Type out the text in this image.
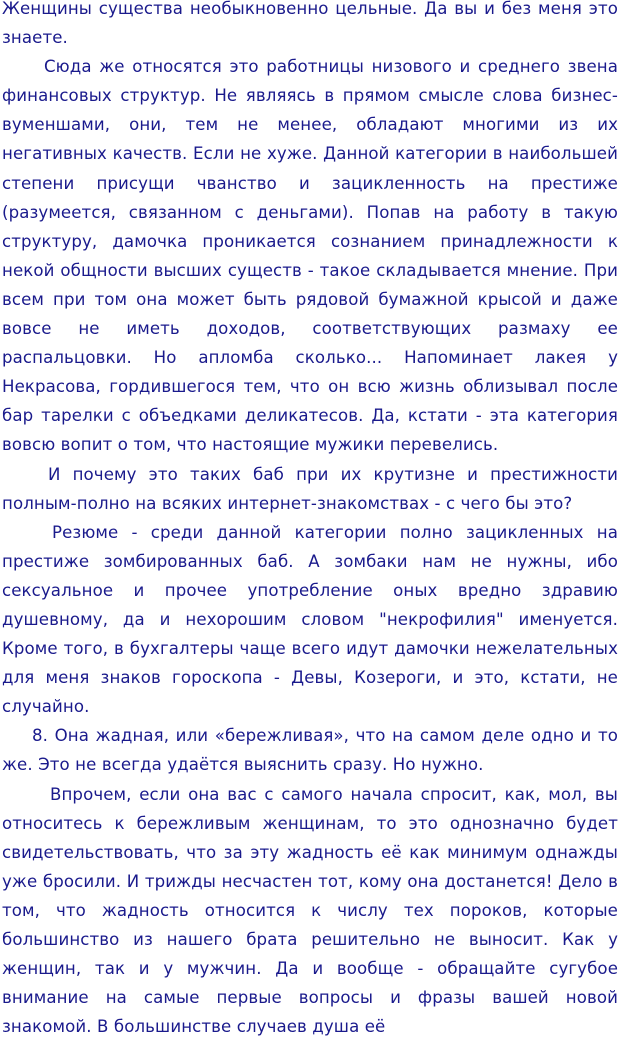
Женщины существа необыкновенно цельные. Да вы и без меня это знаете.

Сюда же относятся это работницы низового и среднего звена финансовых структур. Не являясь в прямом смысле слова бизнес-вуменшами, они, тем не менее, обладают многими из их негативных качеств. Если не хуже. Данной категории в наибольшей степени присущи чванство и зацикленность на престиже (разумеется, связанном с деньгами). Попав на работу в такую структуру, дамочка проникается сознанием принадлежности к некой общности высших существ - такое складывается мнение. При всем при том она может быть рядовой бумажной крысой и даже вовсе не иметь доходов, соответствующих размаху ее распальцовки. Но апломба сколько... Напоминает лакея у Некрасова, гордившегося тем, что он всю жизнь облизывал после бар тарелки с объедками деликатесов. Да, кстати - эта категория вовсю вопит о том, что настоящие мужики перевелись.

И почему это таких баб при их крутизне и престижности полным-полно на всяких интернет-знакомствах - с чего бы это?

Резюме - среди данной категории полно зацикленных на престиже зомбированных баб. А зомбаки нам не нужны, ибо сексуальное и прочее употребление оных вредно здравию душевному, да и нехорошим словом "некрофилия" именуется. Кроме того, в бухгалтеры чаще всего идут дамочки нежелательных для меня знаков гороскопа - Девы, Козероги, и это, кстати, не случайно.

8. Она жадная, или «бережливая», что на самом деле одно и то же. Это не всегда удаётся выяснить сразу. Но нужно.

Впрочем, если она вас с самого начала спросит, как, мол, вы относитесь к бережливым женщинам, то это однозначно будет свидетельствовать, что за эту жадность её как минимум однажды уже бросили. И трижды несчастен тот, кому она достанется! Дело в том, что жадность относится к числу тех пороков, которые большинство из нашего брата решительно не выносит. Как у женщин, так и у мужчин. Да и вообще - обращайте сугубое внимание на самые первые вопросы и фразы вашей новой знакомой. В большинстве случаев душа её
